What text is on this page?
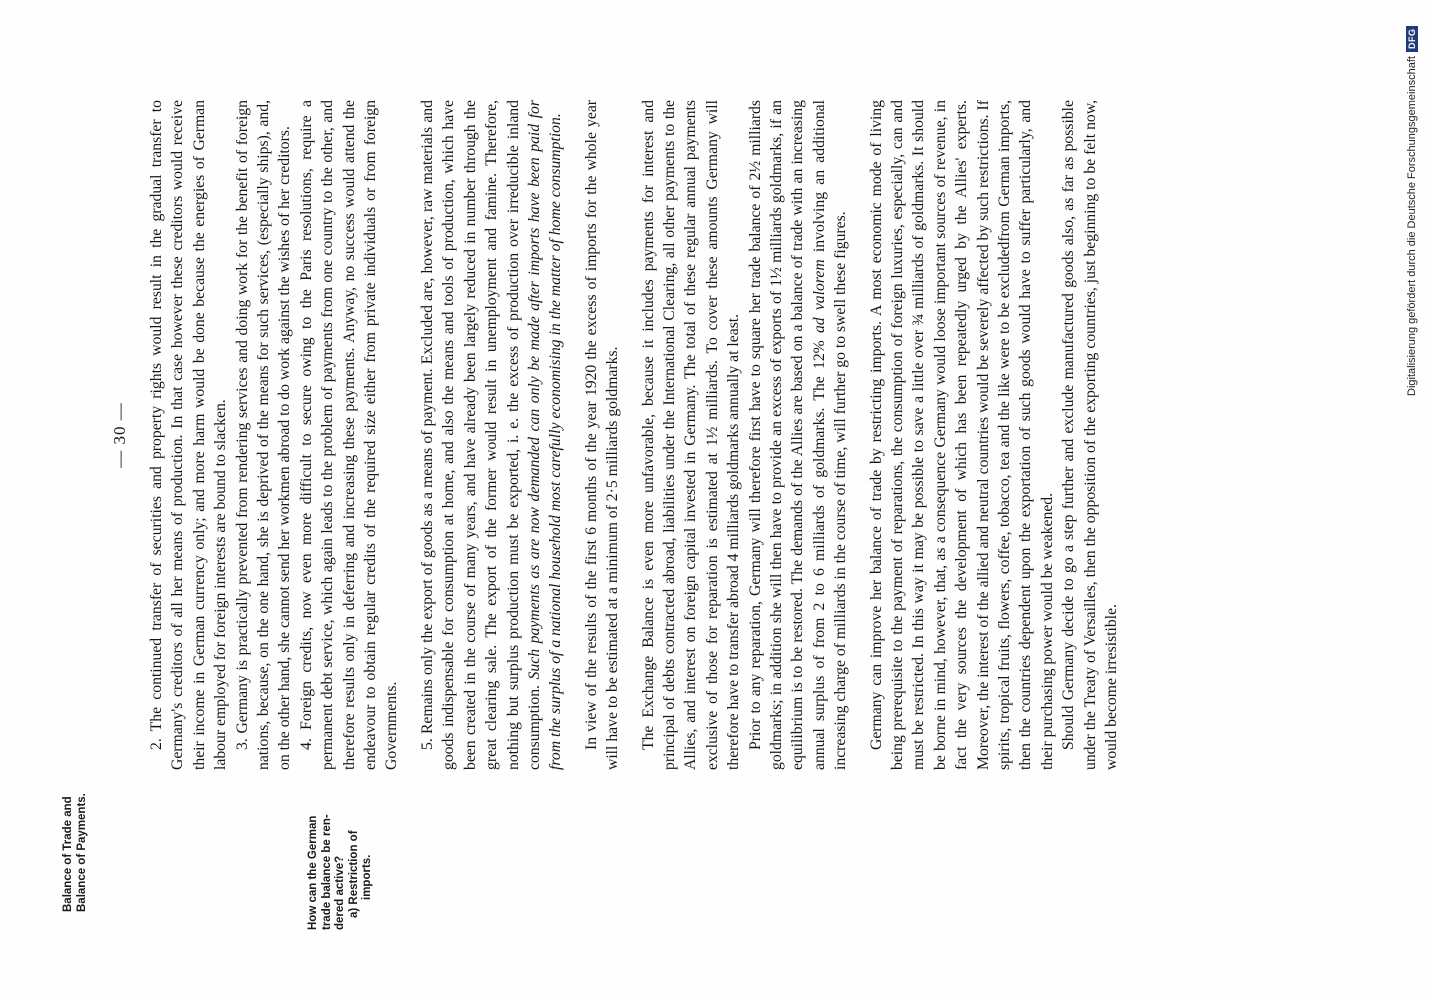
— 30 — 2. The continued transfer of securities and property rights would result in the gradual transfer to Germany's creditors of all her means of production. In that case however these creditors would receive their income in German currency only; and more harm would be done because the energies of German labour employed for foreign interests are bound to slacken. 3. Germany is practically prevented from rendering services and doing work for the benefit of foreign nations, because, on the one hand, she is deprived of the means for such services, (especially ships), and, on the other hand, she cannot send her workmen abroad to do work against the wishes of her creditors. 4. Foreign credits, now even more difficult to secure owing to the Paris resolutions, require a permanent debt service, which again leads to the problem of payments from one country to the other, and therefore results only in deferring and increasing these payments. Anyway, no success would attend the endeavour to obtain regular credits of the required size either from private individuals or from foreign Governments. 5. Remains only the export of goods as a means of payment. Excluded are, however, raw materials and goods indispensable for consumption at home, and also the means and tools of production, which have been created in the course of many years, and have already been largely reduced in number through the great clearing sale. The export of the former would result in unemployment and famine. Therefore, nothing but surplus production must be exported, i. e. the excess of production over irreducible inland consumption. Such payments as are now demanded can only be made after imports have been paid for from the surplus of a national household most carefully economising in the matter of home consumption. In view of the results of the first 6 months of the year 1920 the excess of imports for the whole year will have to be estimated at a minimum of 2·5 milliards goldmarks. The Exchange Balance is even more unfavorable, because it includes payments for interest and principal of debts contracted abroad, liabilities under the International Clearing, all other payments to the Allies, and interest on foreign capital invested in Germany. The total of these regular annual payments exclusive of those for reparation is estimated at 1½ milliards. To cover these amounts Germany will therefore have to transfer abroad 4 milliards goldmarks annually at least. Prior to any reparation, Germany will therefore first have to square her trade balance of 2½ milliards goldmarks; in addition she will then have to provide an excess of exports of 1½ milliards goldmarks, if an equilibrium is to be restored. The demands of the Allies are based on a balance of trade with an increasing annual surplus of from 2 to 6 milliards of goldmarks. The 12% ad valorem involving an additional increasing charge of milliards in the course of time, will further go to swell these figures. Germany can improve her balance of trade by restricting imports. A most economic mode of living being prerequisite to the payment of reparations, the consumption of foreign luxuries, especially, can and must be restricted. In this way it may be possible to save a little over ¾ milliards of goldmarks. It should be borne in mind, however, that, as a consequence Germany would loose important sources of revenue, in fact the very sources the development of which has been repeatedly urged by the Allies' experts. Moreover, the interest of the allied and neutral countries would be severely affected by such restrictions. If spirits, tropical fruits, flowers, coffee, tobacco, tea and the like were to be excludedfrom German imports, then the countries dependent upon the exportation of such goods would have to suffer particularly, and their purchasing power would be weakened. Should Germany decide to go a step further and exclude manufactured goods also, as far as possible under the Treaty of Versailles, then the opposition of the exporting countries, just beginning to be felt now, would become irresistible.

Balance of Trade and Balance of Payments.	How can the German trade balance be ren- dered active? a) Restriction of imports.
Digitalisierung gefördert durch die Deutsche Forschungsgemeinschaft
DFG
